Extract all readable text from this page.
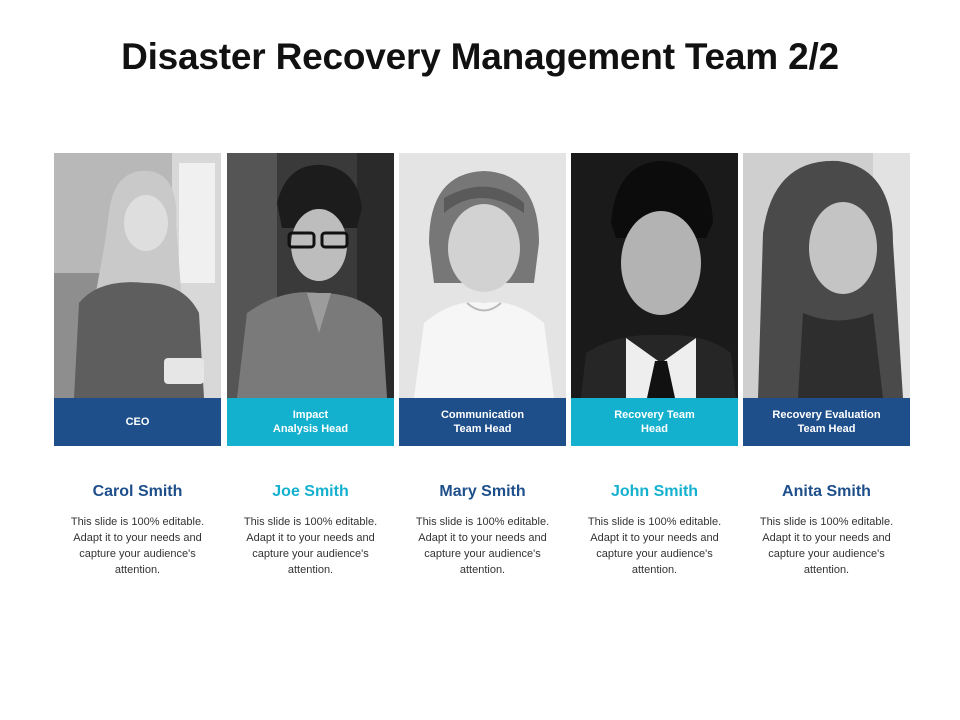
Disaster Recovery Management Team 2/2
CEO
Carol Smith
This slide is 100% editable. Adapt it to your needs and capture your audience's attention.
Impact
Analysis Head
Joe Smith
This slide is 100% editable. Adapt it to your needs and capture your audience's attention.
Communication
Team Head
Mary Smith
This slide is 100% editable. Adapt it to your needs and capture your audience's attention.
Recovery Team
Head
John Smith
This slide is 100% editable. Adapt it to your needs and capture your audience's attention.
Recovery Evaluation
Team Head
Anita Smith
This slide is 100% editable. Adapt it to your needs and capture your audience's attention.
